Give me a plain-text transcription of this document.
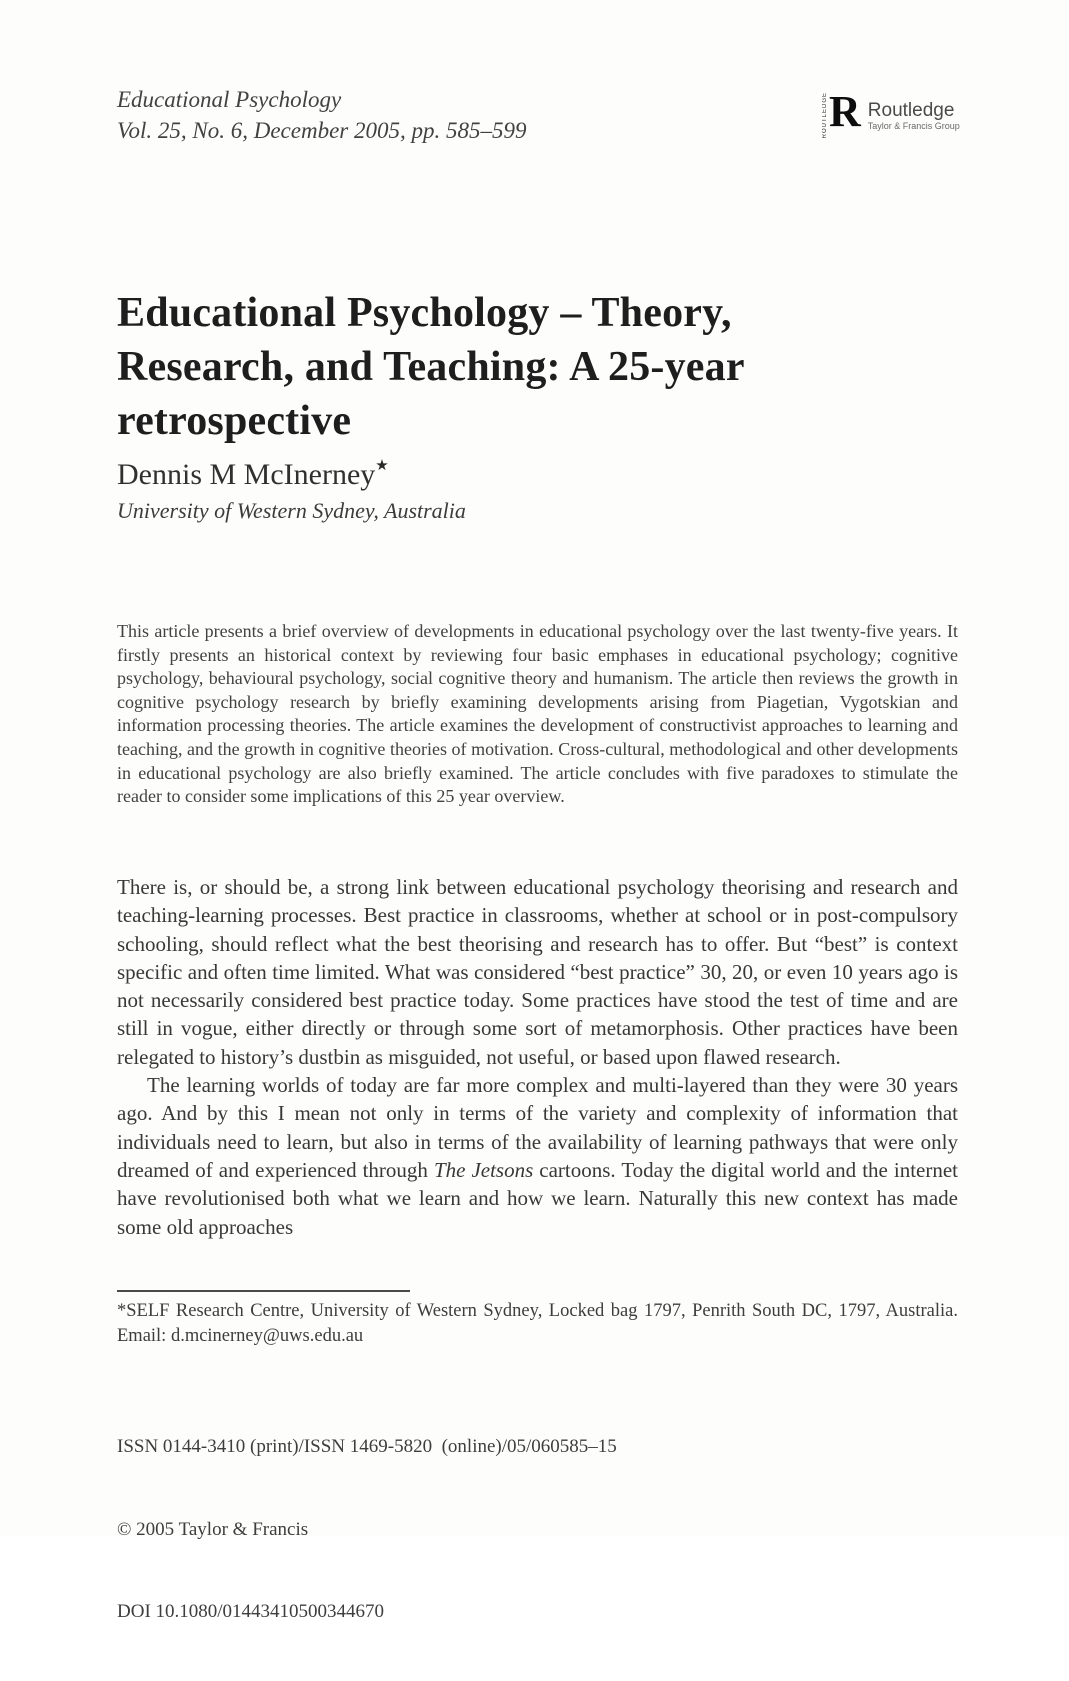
Educational Psychology
Vol. 25, No. 6, December 2005, pp. 585–599	ROUTLEDGE R Routledge
Taylor & Francis Group
Educational Psychology – Theory,
Research, and Teaching: A 25-year
retrospective
Dennis M McInerney★
University of Western Sydney, Australia
This article presents a brief overview of developments in educational psychology over the last twenty-five years. It firstly presents an historical context by reviewing four basic emphases in educational psychology; cognitive psychology, behavioural psychology, social cognitive theory and humanism. The article then reviews the growth in cognitive psychology research by briefly examining developments arising from Piagetian, Vygotskian and information processing theories. The article examines the development of constructivist approaches to learning and teaching, and the growth in cognitive theories of motivation. Cross-cultural, methodological and other developments in educational psychology are also briefly examined. The article concludes with five paradoxes to stimulate the reader to consider some implications of this 25 year overview.

There is, or should be, a strong link between educational psychology theorising and research and teaching-learning processes. Best practice in classrooms, whether at school or in post-compulsory schooling, should reflect what the best theorising and research has to offer. But “best” is context specific and often time limited. What was considered “best practice” 30, 20, or even 10 years ago is not necessarily considered best practice today. Some practices have stood the test of time and are still in vogue, either directly or through some sort of metamorphosis. Other practices have been relegated to history’s dustbin as misguided, not useful, or based upon flawed research.

The learning worlds of today are far more complex and multi-layered than they were 30 years ago. And by this I mean not only in terms of the variety and complexity of information that individuals need to learn, but also in terms of the availability of learning pathways that were only dreamed of and experienced through The Jetsons cartoons. Today the digital world and the internet have revolutionised both what we learn and how we learn. Naturally this new context has made some old approaches

*SELF Research Centre, University of Western Sydney, Locked bag 1797, Penrith South DC, 1797, Australia. Email: d.mcinerney@uws.edu.au

ISSN 0144-3410 (print)/ISSN 1469-5820  (online)/05/060585–15

© 2005 Taylor & Francis

DOI 10.1080/01443410500344670
